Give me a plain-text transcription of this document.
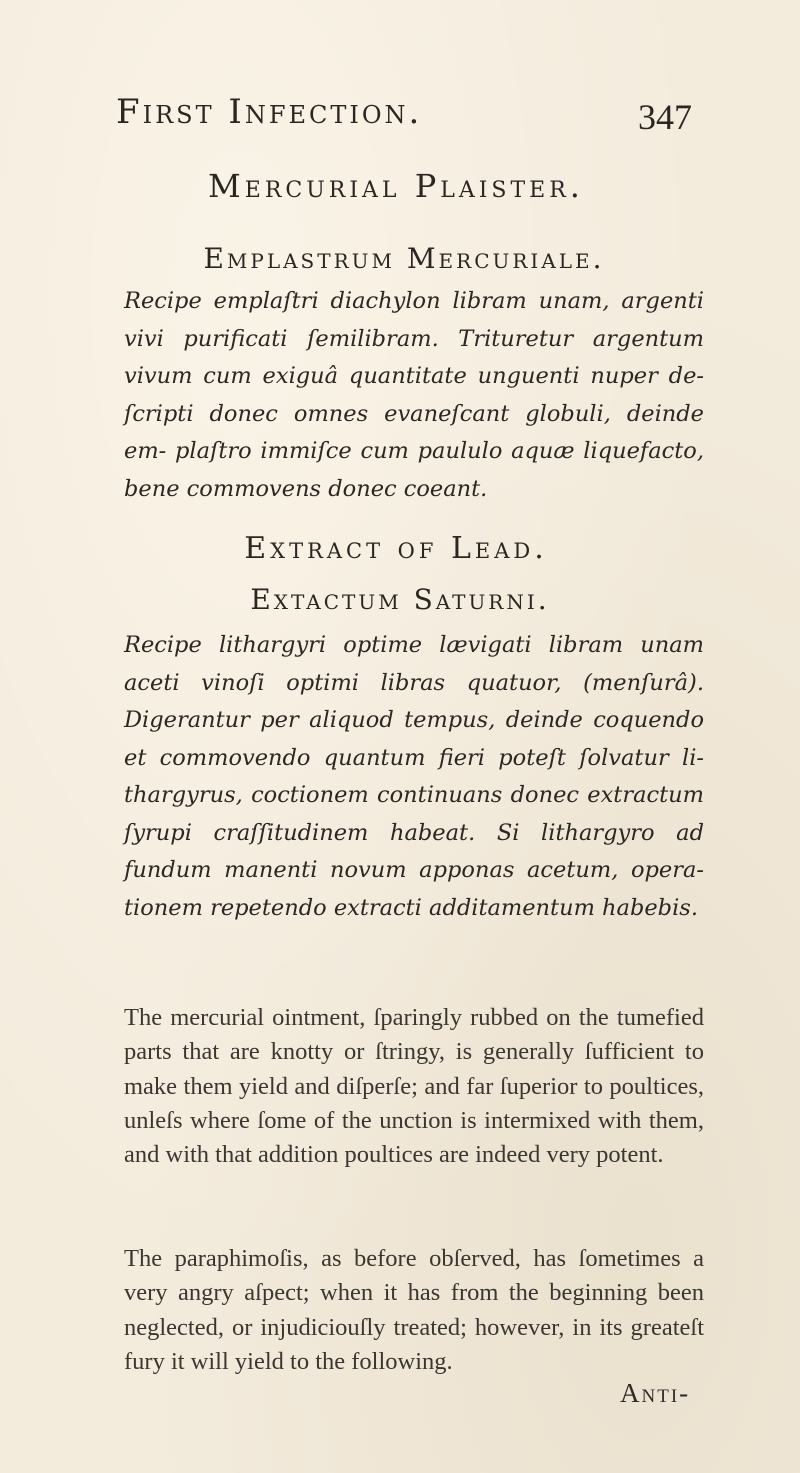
First Infection.	347
Mercurial Plaister.
Emplastrum Mercuriale.
Recipe emplaſtri diachylon libram unam, argenti vivi purificati ſemilibram. Trituretur argentum vivum cum exiguâ quantitate unguenti nuper de- ſcripti donec omnes evaneſcant globuli, deinde em- plaſtro immiſce cum paululo aquæ liquefacto, bene commovens donec coeant.
Extract of Lead.
Extactum Saturni.
Recipe lithargyri optime lævigati libram unam aceti vinoſi optimi libras quatuor, (menſurâ). Digerantur per aliquod tempus, deinde coquendo et commovendo quantum fieri poteſt ſolvatur li- thargyrus, coctionem continuans donec extractum ſyrupi craſſitudinem habeat. Si lithargyro ad fundum manenti novum apponas acetum, opera- tionem repetendo extracti additamentum habebis.

The mercurial ointment, ſparingly rubbed on the tumefied parts that are knotty or ſtringy, is generally ſufficient to make them yield and diſperſe; and far ſuperior to poultices, unleſs where ſome of the unction is intermixed with them, and with that addition poultices are indeed very potent.

The paraphimoſis, as before obſerved, has ſometimes a very angry aſpect; when it has from the beginning been neglected, or injudiciouſly treated; however, in its greateſt fury it will yield to the following.

Anti-
